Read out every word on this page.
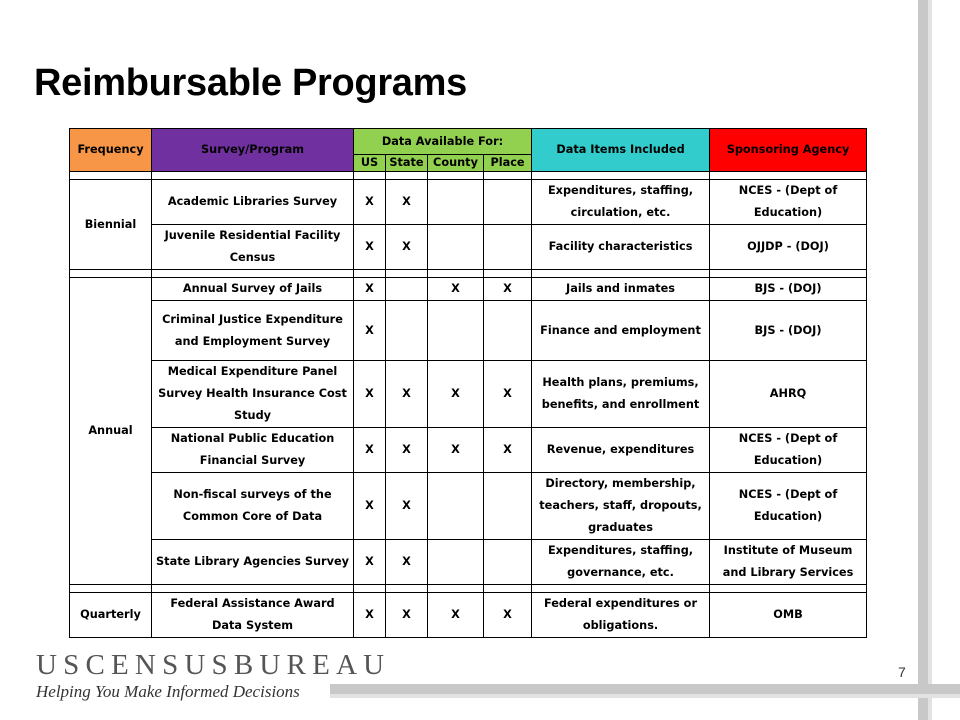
Reimbursable Programs
Frequency	Survey/Program	Data Available For:				Data Items Included	Sponsoring Agency
		US	State	County	Place		

Biennial	Academic Libraries Survey	X	X			Expenditures, staffing, circulation, etc.	NCES - (Dept of Education)
	Juvenile Residential Facility Census	X	X			Facility characteristics	OJJDP - (DOJ)

Annual	Annual Survey of Jails	X		X	X	Jails and inmates	BJS - (DOJ)
	Criminal Justice Expenditure and Employment Survey	X				Finance and employment	BJS - (DOJ)
	Medical Expenditure Panel Survey Health Insurance Cost Study	X	X	X	X	Health plans, premiums, benefits, and enrollment	AHRQ
	National Public Education Financial Survey	X	X	X	X	Revenue, expenditures	NCES - (Dept of Education)
	Non-fiscal surveys of the Common Core of Data	X	X			Directory, membership, teachers, staff, dropouts, graduates	NCES - (Dept of Education)
	State Library Agencies Survey	X	X			Expenditures, staffing, governance, etc.	Institute of Museum and Library Services

Quarterly	Federal Assistance Award Data System	X	X	X	X	Federal expenditures or obligations.	OMB
7
USCENSUSBUREAU
Helping You Make Informed Decisions
